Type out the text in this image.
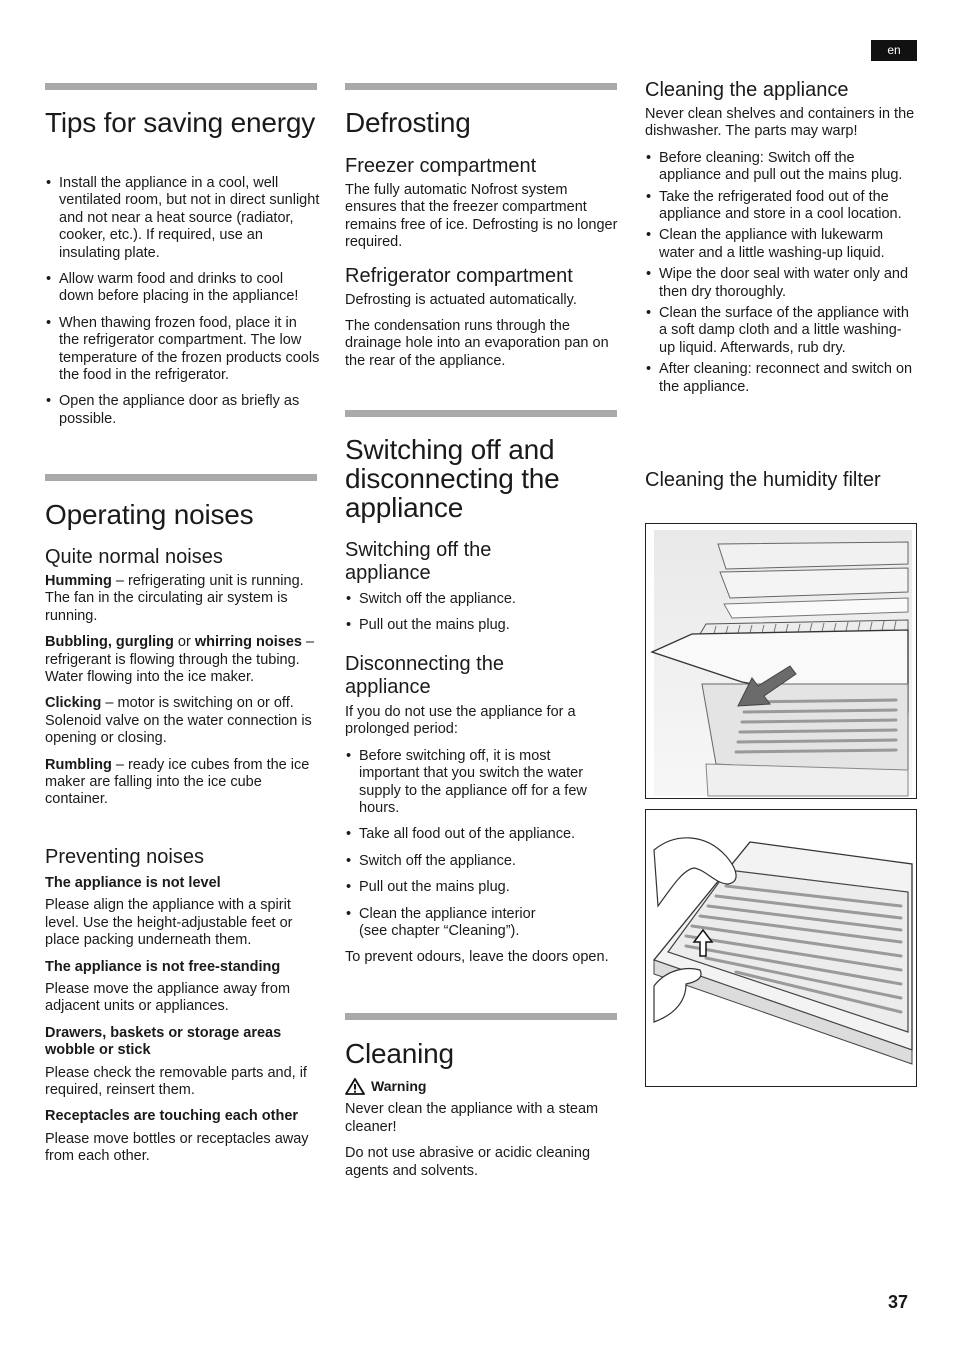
en
37
Tips for saving energy
• Install the appliance in a cool, well ventilated room, but not in direct sunlight and not near a heat source (radiator, cooker, etc.). If required, use an insulating plate.
• Allow warm food and drinks to cool down before placing in the appliance!
• When thawing frozen food, place it in the refrigerator compartment. The low temperature of the frozen products cools the food in the refrigerator.
• Open the appliance door as briefly as possible.
Operating noises
Quite normal noises

Humming – refrigerating unit is running. The fan in the circulating air system is running.

Bubbling, gurgling or whirring noises – refrigerant is flowing through the tubing. Water flowing into the ice maker.

Clicking – motor is switching on or off. Solenoid valve on the water connection is opening or closing.

Rumbling – ready ice cubes from the ice maker are falling into the ice cube container.

Preventing noises

The appliance is not level

Please align the appliance with a spirit level. Use the height-adjustable feet or place packing underneath them.

The appliance is not free-standing

Please move the appliance away from adjacent units or appliances.

Drawers, baskets or storage areas wobble or stick

Please check the removable parts and, if required, reinsert them.

Receptacles are touching each other

Please move bottles or receptacles away from each other.

Defrosting
Freezer compartment

The fully automatic Nofrost system ensures that the freezer compartment remains free of ice. Defrosting is no longer required.

Refrigerator compartment

Defrosting is actuated automatically.

The condensation runs through the drainage hole into an evaporation pan on the rear of the appliance.

Switching off and disconnecting the appliance
Switching off the appliance
• Switch off the appliance.
• Pull out the mains plug.
Disconnecting the appliance

If you do not use the appliance for a prolonged period:

• Before switching off, it is most important that you switch the water supply to the appliance off for a few hours.
• Take all food out of the appliance.
• Switch off the appliance.
• Pull out the mains plug.
• Clean the appliance interior (see chapter “Cleaning”).

To prevent odours, leave the doors open.

Cleaning
Warning

Never clean the appliance with a steam cleaner!

Do not use abrasive or acidic cleaning agents and solvents.

Cleaning the appliance

Never clean shelves and containers in the dishwasher. The parts may warp!

• Before cleaning: Switch off the appliance and pull out the mains plug.
• Take the refrigerated food out of the appliance and store in a cool location.
• Clean the appliance with lukewarm water and a little washing-up liquid.
• Wipe the door seal with water only and then dry thoroughly.
• Clean the surface of the appliance with a soft damp cloth and a little washing-up liquid. Afterwards, rub dry.
• After cleaning: reconnect and switch on the appliance.
Cleaning the humidity filter
